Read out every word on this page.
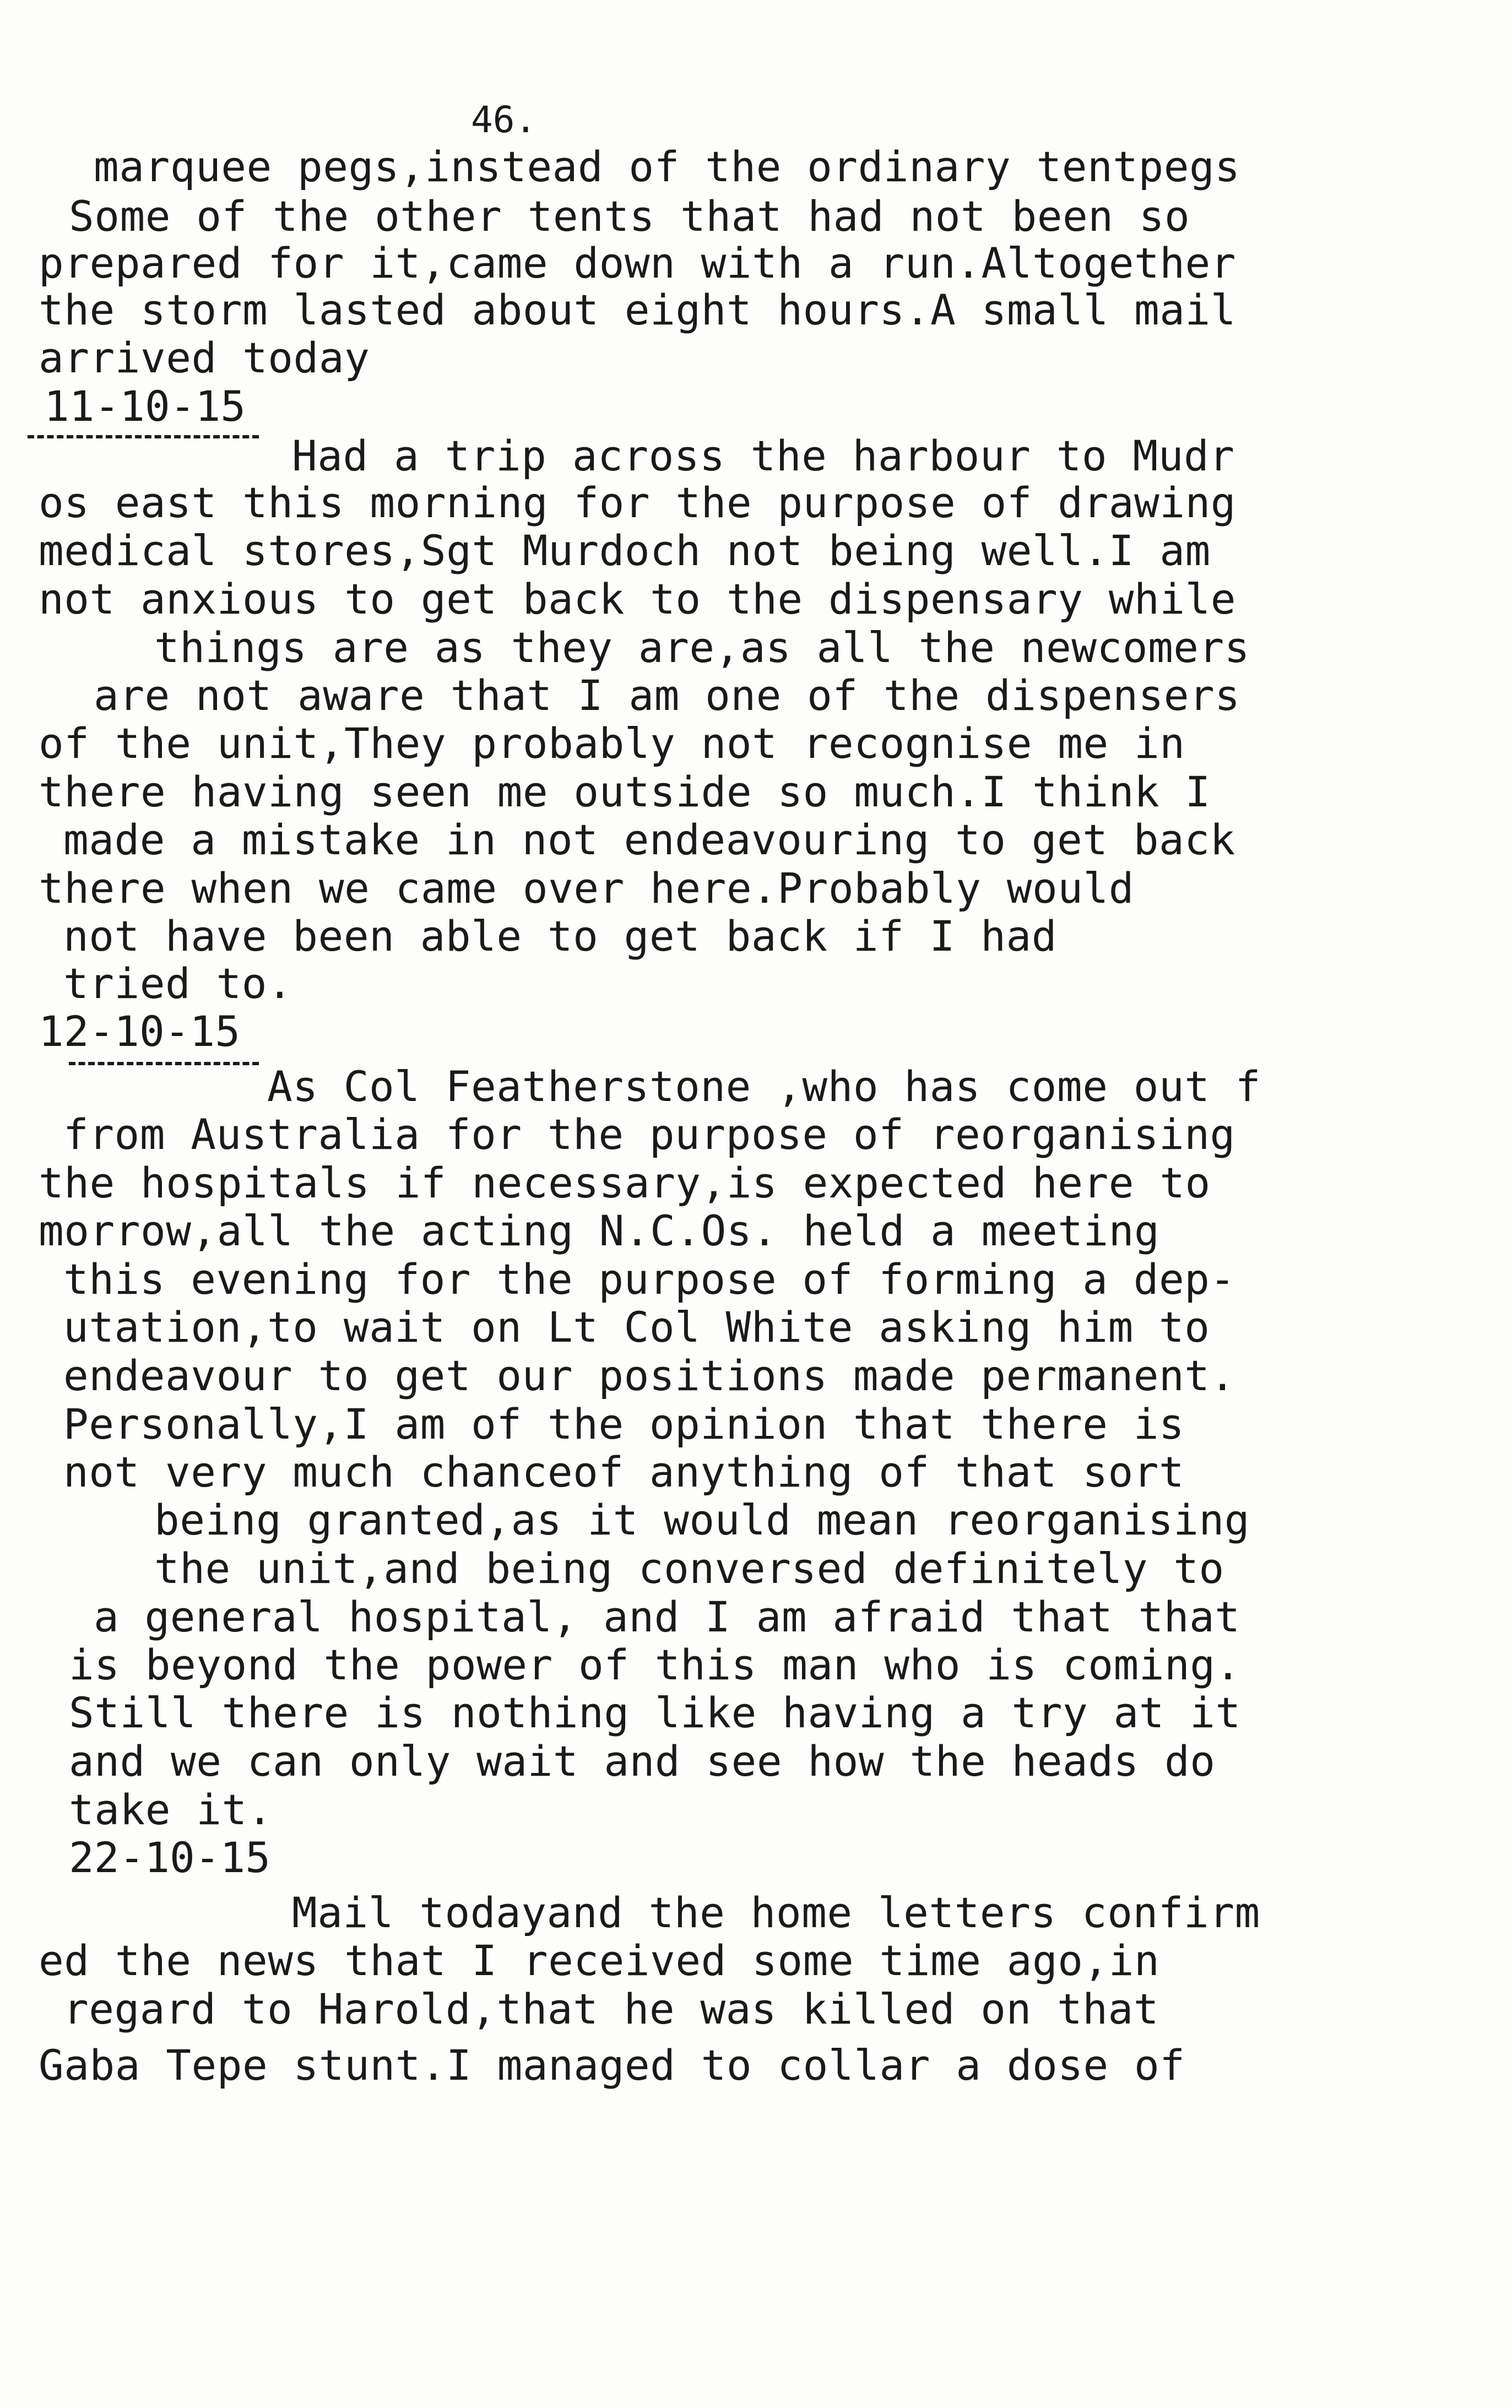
46.
marquee pegs,instead of the ordinary tentpegs
Some of the other tents that had not been so
prepared for it,came down with a run.Altogether
the storm lasted about eight hours.A small mail
arrived today
11-10-15
Had a trip across the harbour to Mudr
os east this morning for the purpose of drawing
medical stores,Sgt Murdoch not being well.I am
not anxious to get back to the dispensary while
things are as they are,as all the newcomers
are not aware that I am one of the dispensers
of the unit,They probably not recognise me in
there having seen me outside so much.I think I
made a mistake in not endeavouring to get back
there when we came over here.Probably would
not have been able to get back if I had
tried to.
12-10-15
As Col Featherstone ,who has come out f
from Australia for the purpose of reorganising
the hospitals if necessary,is expected here to
morrow,all the acting N.C.Os. held a meeting
this evening for the purpose of forming a dep-
utation,to wait on Lt Col White asking him to
endeavour to get our positions made permanent.
Personally,I am of the opinion that there is
not very much chanceof anything of that sort
being granted,as it would mean reorganising
the unit,and being conversed definitely to
a general hospital, and I am afraid that that
is beyond the power of this man who is coming.
Still there is nothing like having a try at it
and we can only wait and see how the heads do
take it.
22-10-15
Mail todayand the home letters confirm
ed the news that I received some time ago,in
regard to Harold,that he was killed on that
Gaba Tepe stunt.I managed to collar a dose of
